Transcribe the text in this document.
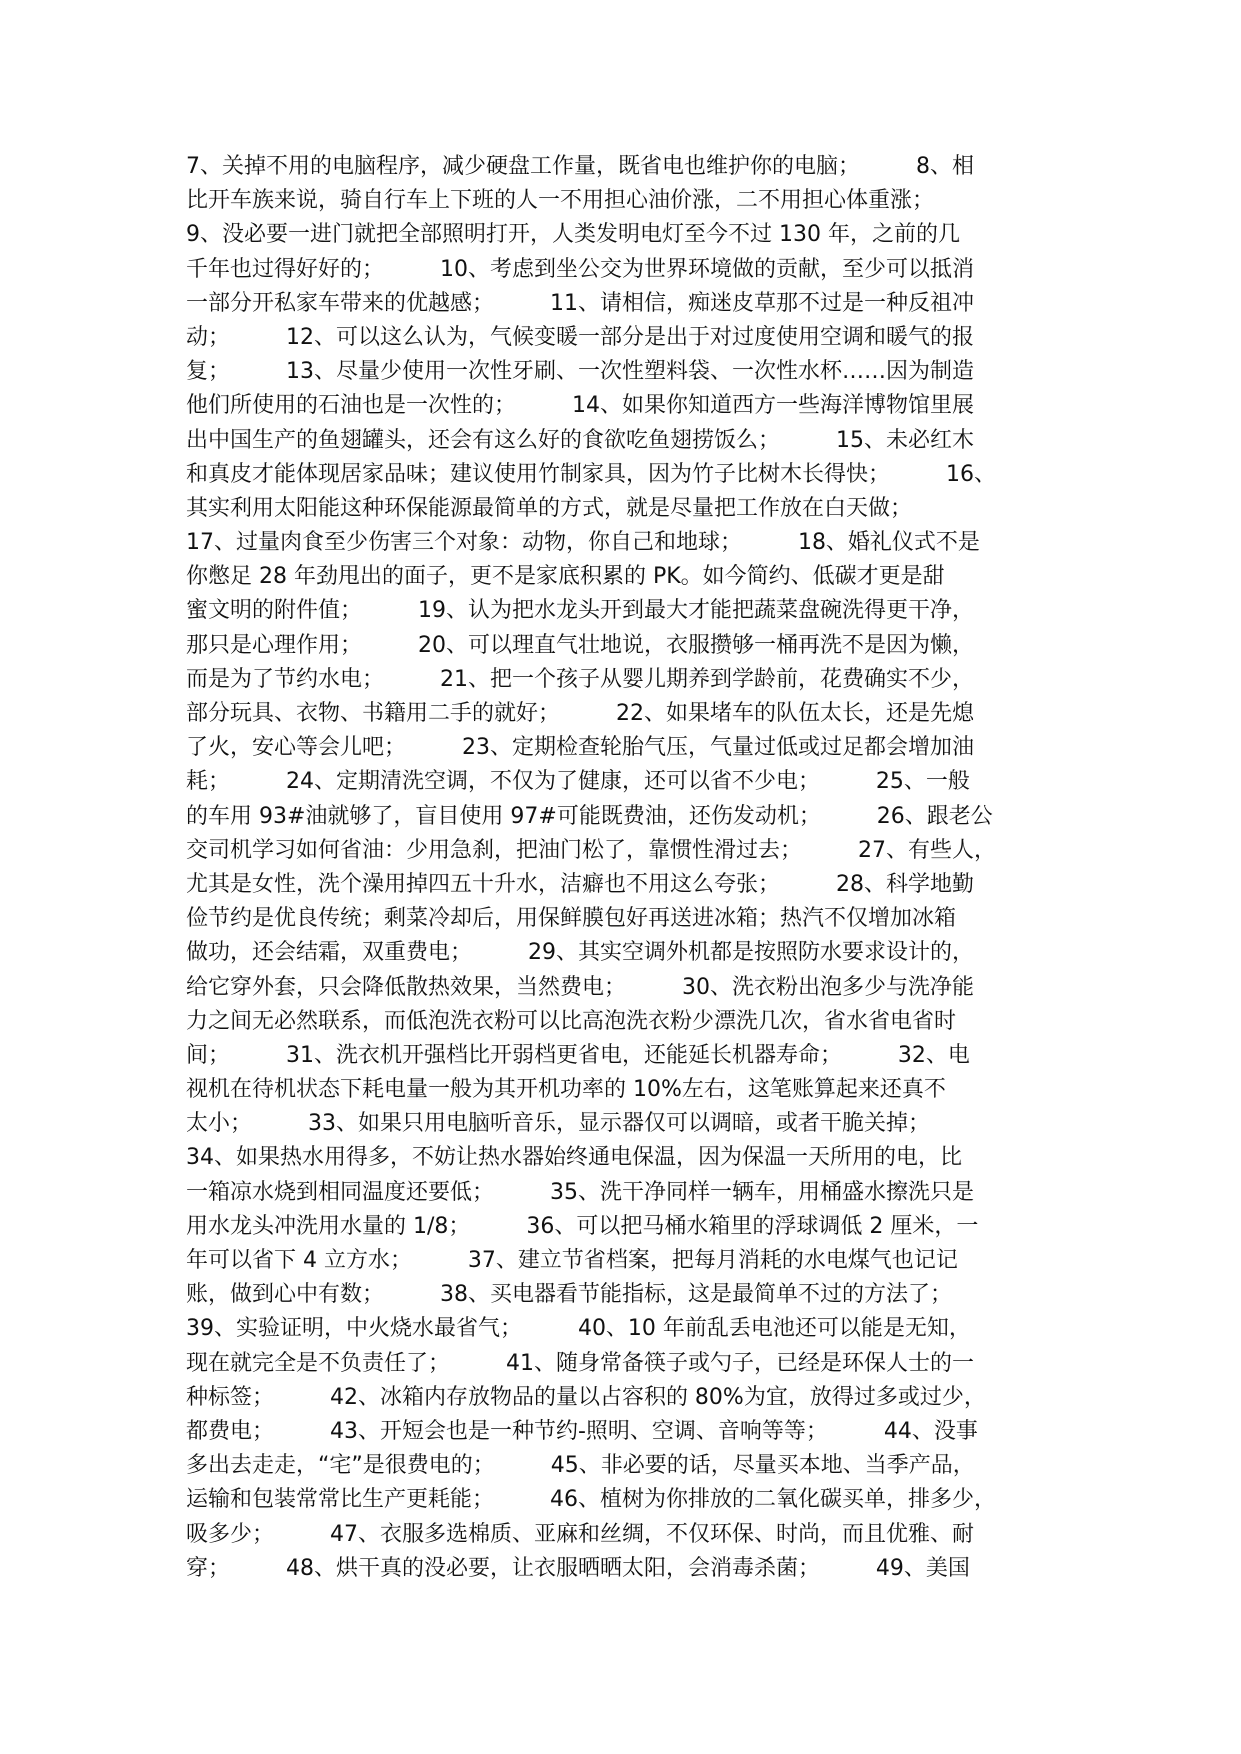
7、关掉不用的电脑程序，减少硬盘工作量，既省电也维护你的电脑；        8、相
比开车族来说，骑自行车上下班的人一不用担心油价涨，二不用担心体重涨；
9、没必要一进门就把全部照明打开，人类发明电灯至今不过 130 年，之前的几
千年也过得好好的；        10、考虑到坐公交为世界环境做的贡献，至少可以抵消
一部分开私家车带来的优越感；        11、请相信，痴迷皮草那不过是一种反祖冲
动；        12、可以这么认为，气候变暖一部分是出于对过度使用空调和暖气的报
复；        13、尽量少使用一次性牙刷、一次性塑料袋、一次性水杯……因为制造
他们所使用的石油也是一次性的；        14、如果你知道西方一些海洋博物馆里展
出中国生产的鱼翅罐头，还会有这么好的食欲吃鱼翅捞饭么；        15、未必红木
和真皮才能体现居家品味；建议使用竹制家具，因为竹子比树木长得快；        16、
其实利用太阳能这种环保能源最简单的方式，就是尽量把工作放在白天做；
17、过量肉食至少伤害三个对象：动物，你自己和地球；        18、婚礼仪式不是
你憋足 28 年劲甩出的面子，更不是家底积累的 PK。如今简约、低碳才更是甜
蜜文明的附件值；        19、认为把水龙头开到最大才能把蔬菜盘碗洗得更干净，
那只是心理作用；        20、可以理直气壮地说，衣服攒够一桶再洗不是因为懒，
而是为了节约水电；        21、把一个孩子从婴儿期养到学龄前，花费确实不少，
部分玩具、衣物、书籍用二手的就好；        22、如果堵车的队伍太长，还是先熄
了火，安心等会儿吧；        23、定期检查轮胎气压，气量过低或过足都会增加油
耗；        24、定期清洗空调，不仅为了健康，还可以省不少电；        25、一般
的车用 93#油就够了，盲目使用 97#可能既费油，还伤发动机；        26、跟老公
交司机学习如何省油：少用急刹，把油门松了，靠惯性滑过去；        27、有些人，
尤其是女性，洗个澡用掉四五十升水，洁癖也不用这么夸张；        28、科学地勤
俭节约是优良传统；剩菜冷却后，用保鲜膜包好再送进冰箱；热汽不仅增加冰箱
做功，还会结霜，双重费电；        29、其实空调外机都是按照防水要求设计的，
给它穿外套，只会降低散热效果，当然费电；        30、洗衣粉出泡多少与洗净能
力之间无必然联系，而低泡洗衣粉可以比高泡洗衣粉少漂洗几次，省水省电省时
间；        31、洗衣机开强档比开弱档更省电，还能延长机器寿命；        32、电
视机在待机状态下耗电量一般为其开机功率的 10%左右，这笔账算起来还真不
太小；        33、如果只用电脑听音乐，显示器仅可以调暗，或者干脆关掉；
34、如果热水用得多，不妨让热水器始终通电保温，因为保温一天所用的电，比
一箱凉水烧到相同温度还要低；        35、洗干净同样一辆车，用桶盛水擦洗只是
用水龙头冲洗用水量的 1/8；        36、可以把马桶水箱里的浮球调低 2 厘米，一
年可以省下 4 立方水；        37、建立节省档案，把每月消耗的水电煤气也记记
账，做到心中有数；        38、买电器看节能指标，这是最简单不过的方法了；
39、实验证明，中火烧水最省气；        40、10 年前乱丢电池还可以能是无知，
现在就完全是不负责任了；        41、随身常备筷子或勺子，已经是环保人士的一
种标签；        42、冰箱内存放物品的量以占容积的 80%为宜，放得过多或过少，
都费电；        43、开短会也是一种节约-照明、空调、音响等等；        44、没事
多出去走走，“宅”是很费电的；        45、非必要的话，尽量买本地、当季产品，
运输和包装常常比生产更耗能；        46、植树为你排放的二氧化碳买单，排多少，
吸多少；        47、衣服多选棉质、亚麻和丝绸，不仅环保、时尚，而且优雅、耐
穿；        48、烘干真的没必要，让衣服晒晒太阳，会消毒杀菌；        49、美国
